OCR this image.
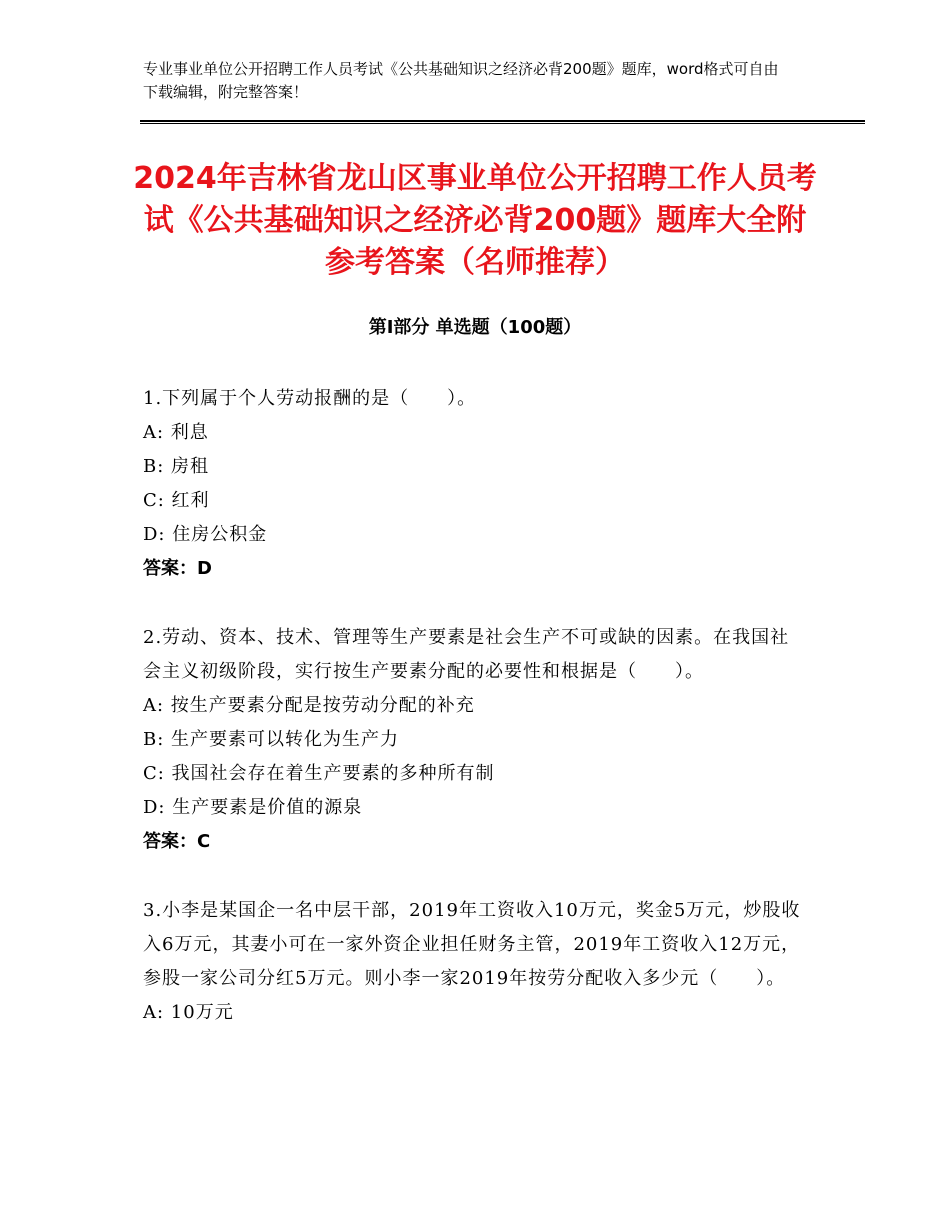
专业事业单位公开招聘工作人员考试《公共基础知识之经济必背200题》题库，word格式可自由下载编辑，附完整答案！
2024年吉林省龙山区事业单位公开招聘工作人员考试《公共基础知识之经济必背200题》题库大全附参考答案（名师推荐）
第Ⅰ部分 单选题（100题）
1.下列属于个人劳动报酬的是（　　）。
A: 利息
B: 房租
C: 红利
D: 住房公积金
答案：D
2.劳动、资本、技术、管理等生产要素是社会生产不可或缺的因素。在我国社会主义初级阶段，实行按生产要素分配的必要性和根据是（　　）。
A: 按生产要素分配是按劳动分配的补充
B: 生产要素可以转化为生产力
C: 我国社会存在着生产要素的多种所有制
D: 生产要素是价值的源泉
答案：C
3.小李是某国企一名中层干部，2019年工资收入10万元，奖金5万元，炒股收入6万元，其妻小可在一家外资企业担任财务主管，2019年工资收入12万元，参股一家公司分红5万元。则小李一家2019年按劳分配收入多少元（　　）。
A: 10万元
